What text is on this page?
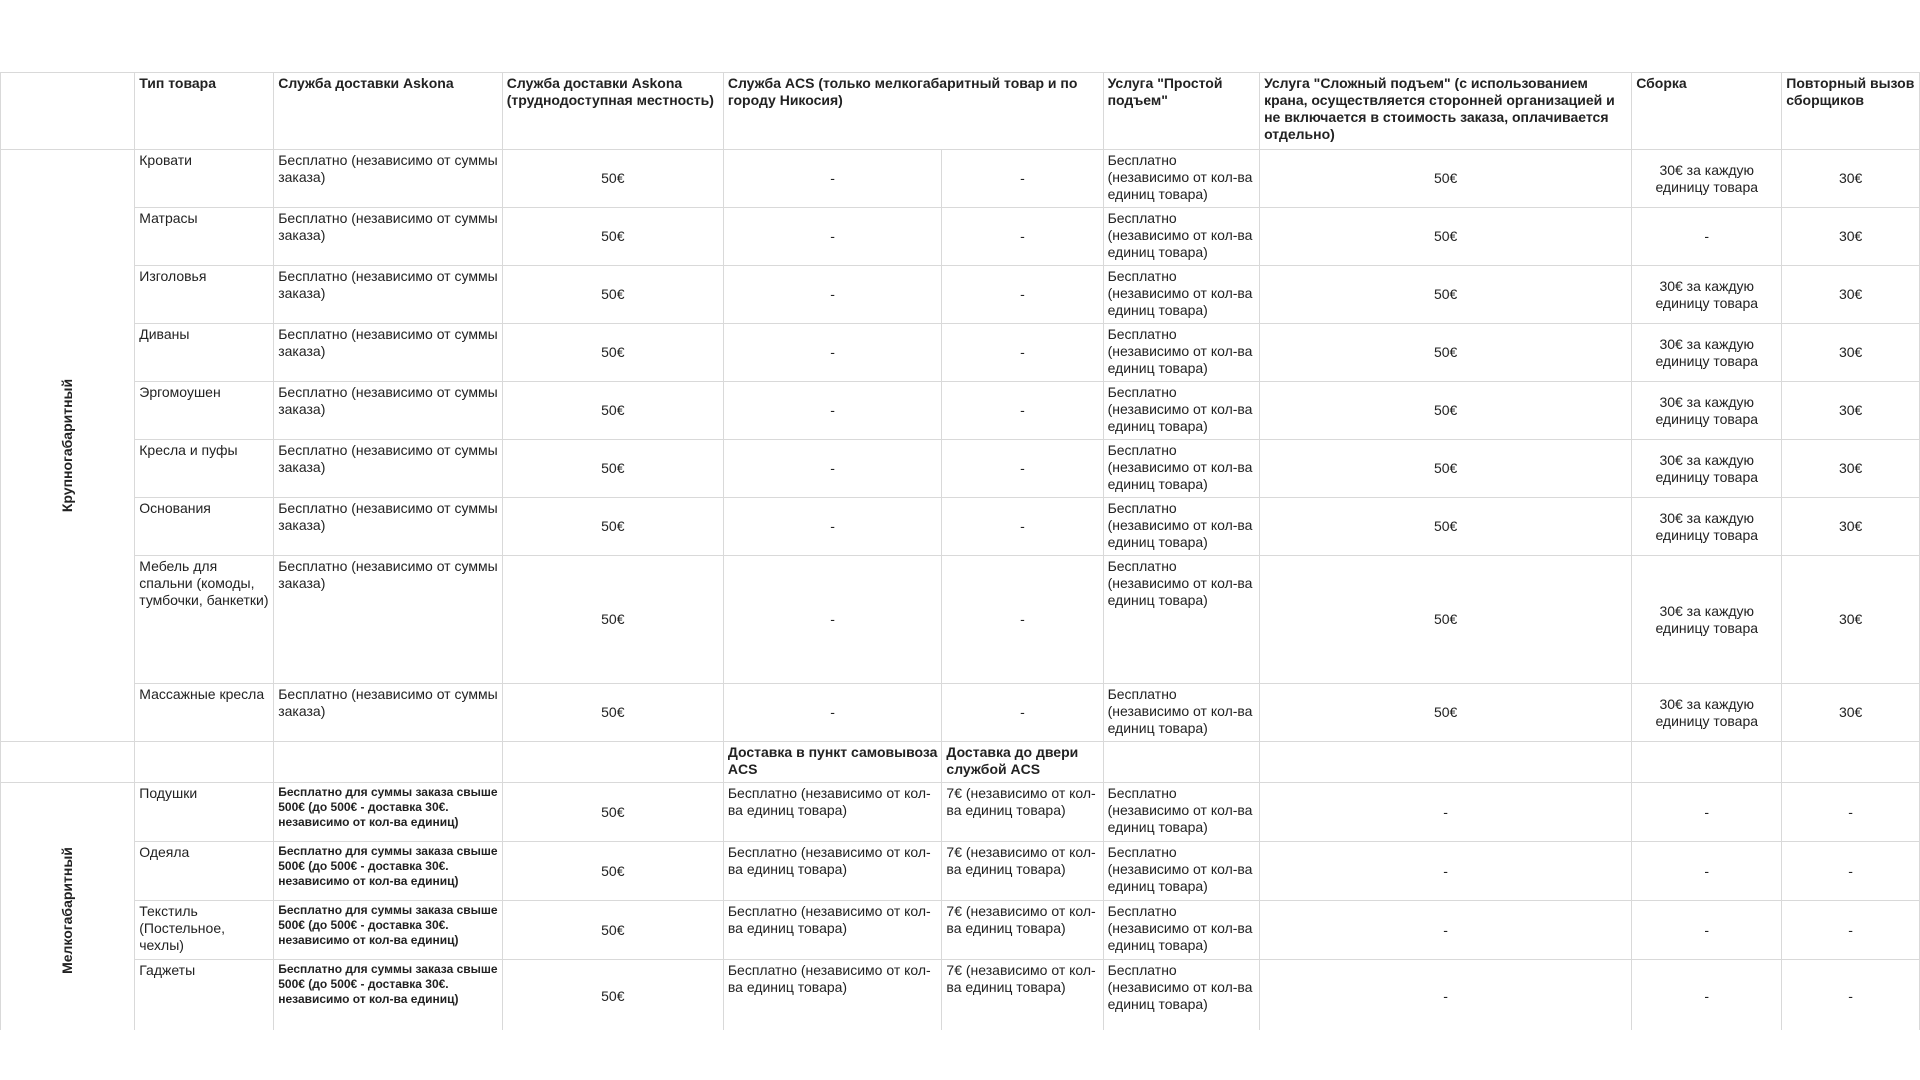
	Тип товара	Служба доставки Askona	Служба доставки Askona (труднодоступная местность)	Служба ACS (только мелкогабаритный товар и по городу Никосия)		Услуга "Простой подъем"	Услуга "Сложный подъем" (с использованием крана, осуществляется сторонней организацией и не включается в стоимость заказа, оплачивается отдельно)	Сборка	Повторный вызов сборщиков
Крупногабаритный	Кровати	Бесплатно (независимо от суммы заказа)	50€	-	-	Бесплатно (независимо от кол-ва единиц товара)	50€	30€ за каждую единицу товара	30€
	Матрасы	Бесплатно (независимо от суммы заказа)	50€	-	-	Бесплатно (независимо от кол-ва единиц товара)	50€	-	30€
	Изголовья	Бесплатно (независимо от суммы заказа)	50€	-	-	Бесплатно (независимо от кол-ва единиц товара)	50€	30€ за каждую единицу товара	30€
	Диваны	Бесплатно (независимо от суммы заказа)	50€	-	-	Бесплатно (независимо от кол-ва единиц товара)	50€	30€ за каждую единицу товара	30€
	Эргомоушен	Бесплатно (независимо от суммы заказа)	50€	-	-	Бесплатно (независимо от кол-ва единиц товара)	50€	30€ за каждую единицу товара	30€
	Кресла и пуфы	Бесплатно (независимо от суммы заказа)	50€	-	-	Бесплатно (независимо от кол-ва единиц товара)	50€	30€ за каждую единицу товара	30€
	Основания	Бесплатно (независимо от суммы заказа)	50€	-	-	Бесплатно (независимо от кол-ва единиц товара)	50€	30€ за каждую единицу товара	30€
	Мебель для спальни (комоды, тумбочки, банкетки)	Бесплатно (независимо от суммы заказа)	50€	-	-	Бесплатно (независимо от кол-ва единиц товара)	50€	30€ за каждую единицу товара	30€
	Массажные кресла	Бесплатно (независимо от суммы заказа)	50€	-	-	Бесплатно (независимо от кол-ва единиц товара)	50€	30€ за каждую единицу товара	30€
				Доставка в пункт самовывоза ACS	Доставка до двери службой ACS				
Мелкогабаритный	Подушки	Бесплатно для суммы заказа свыше 500€ (до 500€ - доставка 30€. независимо от кол-ва единиц)	50€	Бесплатно (независимо от кол-ва единиц товара)	7€ (независимо от кол-ва единиц товара)	Бесплатно (независимо от кол-ва единиц товара)	-	-	-
	Одеяла	Бесплатно для суммы заказа свыше 500€ (до 500€ - доставка 30€. независимо от кол-ва единиц)	50€	Бесплатно (независимо от кол-ва единиц товара)	7€ (независимо от кол-ва единиц товара)	Бесплатно (независимо от кол-ва единиц товара)	-	-	-
	Текстиль (Постельное, чехлы)	Бесплатно для суммы заказа свыше 500€ (до 500€ - доставка 30€. независимо от кол-ва единиц)	50€	Бесплатно (независимо от кол-ва единиц товара)	7€ (независимо от кол-ва единиц товара)	Бесплатно (независимо от кол-ва единиц товара)	-	-	-
	Гаджеты	Бесплатно для суммы заказа свыше 500€ (до 500€ - доставка 30€. независимо от кол-ва единиц)	50€	Бесплатно (независимо от кол-ва единиц товара)	7€ (независимо от кол-ва единиц товара)	Бесплатно (независимо от кол-ва единиц товара)	-	-	-
